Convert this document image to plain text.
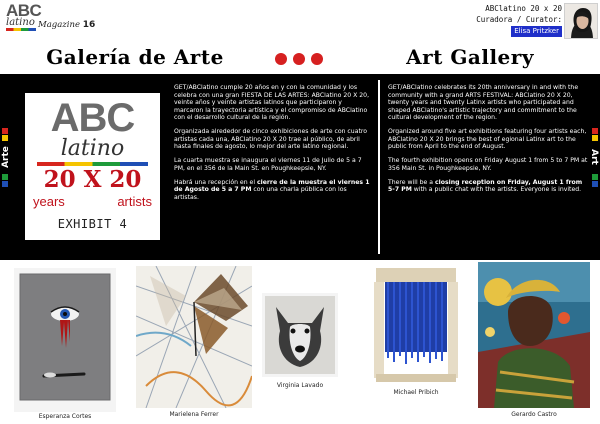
ABC
latino Magazine 16
ABClatino 20 x 20
Curadora / Curator:
Elisa Pritzker
Galería de Arte	Art Gallery
Arte	Art
ABC
latino
20 X 20
years	artists
EXHIBIT 4

GET/ABClatino cumple 20 años en y con la comunidad y los celebra con una gran FIESTA DE LAS ARTES: ABClatino 20 X 20, veinte años y veinte artistas latinos que participaron y marcaron la trayectoria artística y el compromiso de ABClatino con el desarrollo cultural de la región.

Organizada alrededor de cinco exhibiciones de arte con cuatro artistas cada una, ABClatino 20 X 20 trae al público, de abril hasta finales de agosto, lo mejor del arte latino regional.

La cuarta muestra se inaugura el viernes 11 de Julio de 5 a 7 PM, en el 356 de la Main St. en Poughkeepsie, NY.

Habrá una recepción en el cierre de la muestra el viernes 1 de Agosto de 5 a 7 PM con una charla pública con los artistas.

GET/ABClatino celebrates its 20th anniversary in and with the community with a grand ARTS FESTIVAL: ABClatino 20 X 20, twenty years and twenty Latinx artists who participated and shaped ABClatino's artistic trajectory and commitment to the cultural development of the region.

Organized around five art exhibitions featuring four artists each, ABClatino 20 X 20 brings the best of egional Latinx art to the public from April to the end of August.

The fourth exhibition opens on Friday August 1 from 5 to 7 PM at 356 Main St. in Poughkeepsie, NY.

There will be a closing reception on Friday, August 1 from 5-7 PM with a public chat with the artists. Everyone is invited.

Esperanza Cortes	Marielena Ferrer
Virginia Lavado
Michael Pribich
Gerardo Castro
